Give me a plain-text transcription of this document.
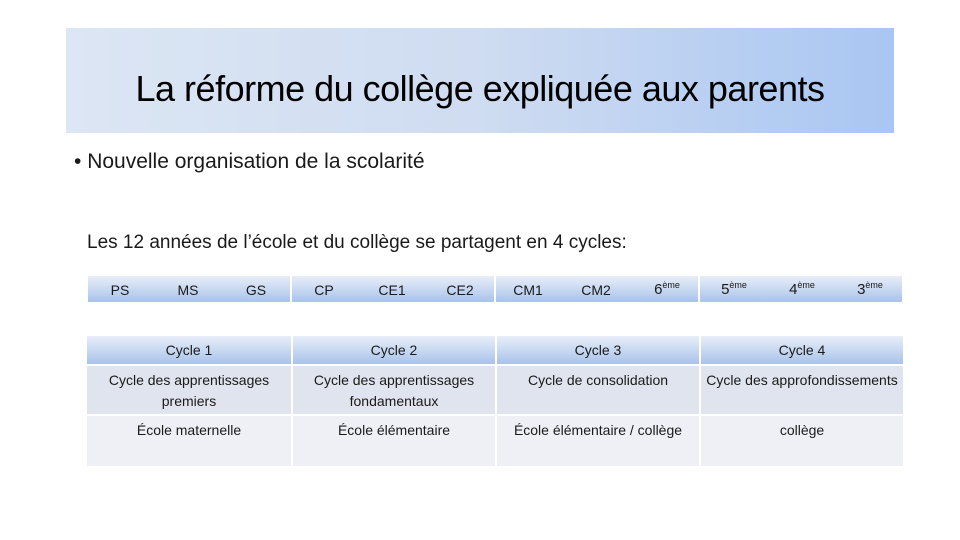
La réforme du collège expliquée aux parents
• Nouvelle organisation de la scolarité
Les 12 années de l’école et du collège se partagent en 4 cycles:
PS	MS	GS	CP	CE1	CE2	CM1	CM2	6ème	5ème	4ème	3ème
Cycle 1	Cycle 2	Cycle 3	Cycle 4
Cycle des apprentissages premiers	Cycle des apprentissages fondamentaux	Cycle de consolidation	Cycle des approfondissements
École maternelle	École élémentaire	École élémentaire / collège	collège
